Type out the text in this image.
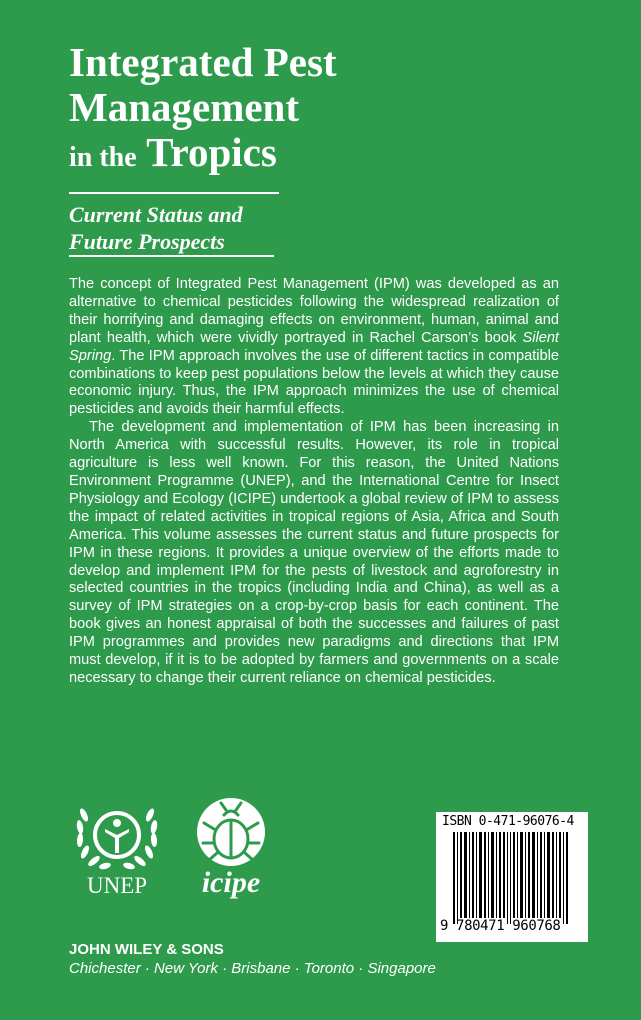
Integrated Pest
Management
in the Tropics
Current Status and
Future Prospects

The concept of Integrated Pest Management (IPM) was developed as an alternative to chemical pesticides following the widespread realization of their horrifying and damaging effects on environment, human, animal and plant health, which were vividly portrayed in Rachel Carson’s book Silent Spring. The IPM approach involves the use of different tactics in compatible combinations to keep pest populations below the levels at which they cause economic injury. Thus, the IPM approach minimizes the use of chemical pesticides and avoids their harmful effects.

The development and implementation of IPM has been increasing in North America with successful results. However, its role in tropical agriculture is less well known. For this reason, the United Nations Environment Programme (UNEP), and the International Centre for Insect Physiology and Ecology (ICIPE) undertook a global review of IPM to assess the impact of related activities in tropical regions of Asia, Africa and South America. This volume assesses the current status and future prospects for IPM in these regions. It provides a unique overview of the efforts made to develop and implement IPM for the pests of livestock and agroforestry in selected countries in the tropics (including India and China), as well as a survey of IPM strategies on a crop-by-crop basis for each continent. The book gives an honest appraisal of both the successes and failures of past IPM programmes and provides new paradigms and directions that IPM must develop, if it is to be adopted by farmers and governments on a scale necessary to change their current reliance on chemical pesticides.

UNEP	icipe
ISBN 0-471-96076-4
9 780471 960768
JOHN WILEY & SONS
Chichester · New York · Brisbane · Toronto · Singapore
